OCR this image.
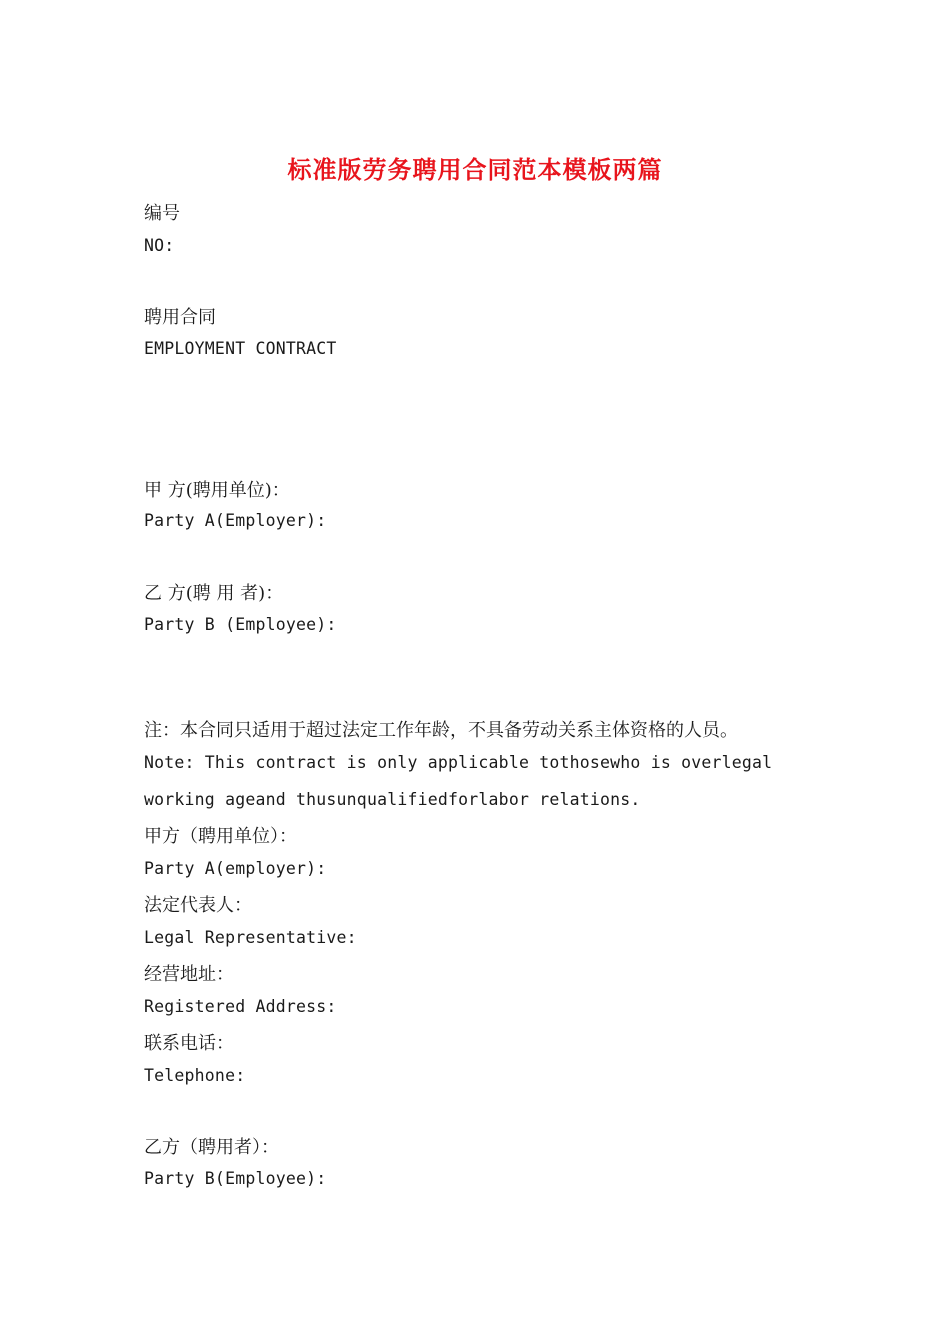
标准版劳务聘用合同范本模板两篇
编号
NO:
聘用合同
EMPLOYMENT CONTRACT
甲 方(聘用单位)：
Party A(Employer):
乙 方(聘 用 者)：
Party B (Employee):
注：本合同只适用于超过法定工作年龄，不具备劳动关系主体资格的人员。
Note: This contract is only applicable tothosewho is overlegal
working ageand thusunqualifiedforlabor relations.
甲方（聘用单位）：
Party A(employer):
法定代表人：
Legal Representative:
经营地址：
Registered Address:
联系电话：
Telephone:
乙方（聘用者）：
Party B(Employee):
